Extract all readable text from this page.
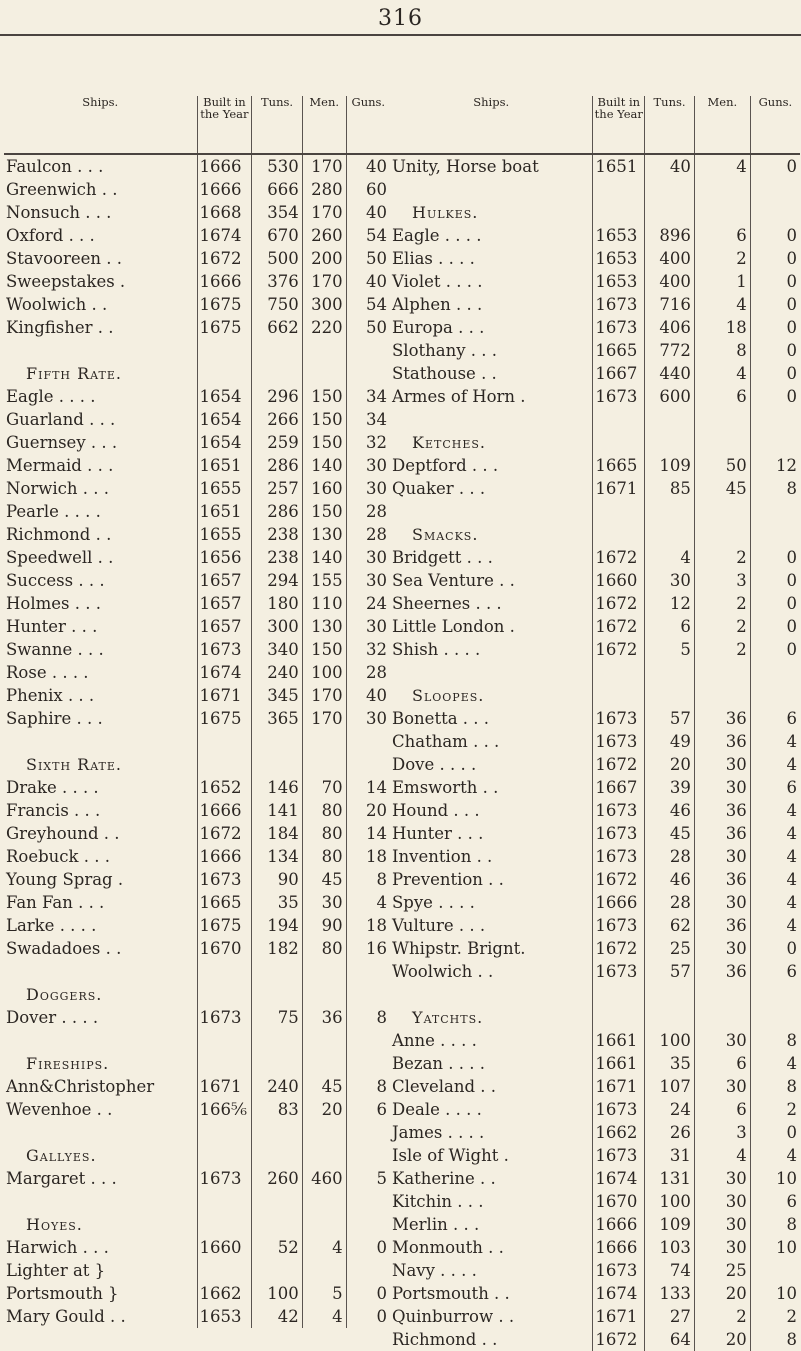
316
Ships.	Built in the Year	Tuns.	Men.	Guns.
Faulcon . . .	1666	530	170	40
Greenwich . .	1666	666	280	60
Nonsuch . . .	1668	354	170	40
Oxford . . .	1674	670	260	54
Stavooreen . .	1672	500	200	50
Sweepstakes .	1666	376	170	40
Woolwich . .	1675	750	300	54
Kingfisher . .	1675	662	220	50

Fifth Rate.				
Eagle . . . .	1654	296	150	34
Guarland . . .	1654	266	150	34
Guernsey . . .	1654	259	150	32
Mermaid . . .	1651	286	140	30
Norwich . . .	1655	257	160	30
Pearle . . . .	1651	286	150	28
Richmond . .	1655	238	130	28
Speedwell . .	1656	238	140	30
Success . . .	1657	294	155	30
Holmes . . .	1657	180	110	24
Hunter . . .	1657	300	130	30
Swanne . . .	1673	340	150	32
Rose . . . .	1674	240	100	28
Phenix . . .	1671	345	170	40
Saphire . . .	1675	365	170	30

Sixth Rate.				
Drake . . . .	1652	146	70	14
Francis . . .	1666	141	80	20
Greyhound . .	1672	184	80	14
Roebuck . . .	1666	134	80	18
Young Sprag .	1673	90	45	8
Fan Fan . . .	1665	35	30	4
Larke . . . .	1675	194	90	18
Swadadoes . .	1670	182	80	16

Doggers.				
Dover . . . .	1673	75	36	8

Fireships.				
Ann&Christopher	1671	240	45	8
Wevenhoe . .	166⅚	83	20	6

Gallyes.				
Margaret . . .	1673	260	460	5

Hoyes.				
Harwich . . .	1660	52	4	0
Lighter at }				
Portsmouth }	1662	100	5	0
Mary Gould . .	1653	42	4	0
Ships.	Built in the Year	Tuns.	Men.	Guns.
Unity, Horse boat	1651	40	4	0

Hulkes.				
Eagle . . . .	1653	896	6	0
Elias . . . .	1653	400	2	0
Violet . . . .	1653	400	1	0
Alphen . . .	1673	716	4	0
Europa . . .	1673	406	18	0
Slothany . . .	1665	772	8	0
Stathouse . .	1667	440	4	0
Armes of Horn .	1673	600	6	0

Ketches.				
Deptford . . .	1665	109	50	12
Quaker . . .	1671	85	45	8

Smacks.				
Bridgett . . .	1672	4	2	0
Sea Venture . .	1660	30	3	0
Sheernes . . .	1672	12	2	0
Little London .	1672	6	2	0
Shish . . . .	1672	5	2	0

Sloopes.				
Bonetta . . .	1673	57	36	6
Chatham . . .	1673	49	36	4
Dove . . . .	1672	20	30	4
Emsworth . .	1667	39	30	6
Hound . . .	1673	46	36	4
Hunter . . .	1673	45	36	4
Invention . .	1673	28	30	4
Prevention . .	1672	46	36	4
Spye . . . .	1666	28	30	4
Vulture . . .	1673	62	36	4
Whipstr. Brignt.	1672	25	30	0
Woolwich . .	1673	57	36	6

Yatchts.				
Anne . . . .	1661	100	30	8
Bezan . . . .	1661	35	6	4
Cleveland . .	1671	107	30	8
Deale . . . .	1673	24	6	2
James . . . .	1662	26	3	0
Isle of Wight .	1673	31	4	4
Katherine . .	1674	131	30	10
Kitchin . . .	1670	100	30	6
Merlin . . .	1666	109	30	8
Monmouth . .	1666	103	30	10
Navy . . . .	1673	74	25	
Portsmouth . .	1674	133	20	10
Quinburrow . .	1671	27	2	2
Richmond . .	1672	64	20	8
